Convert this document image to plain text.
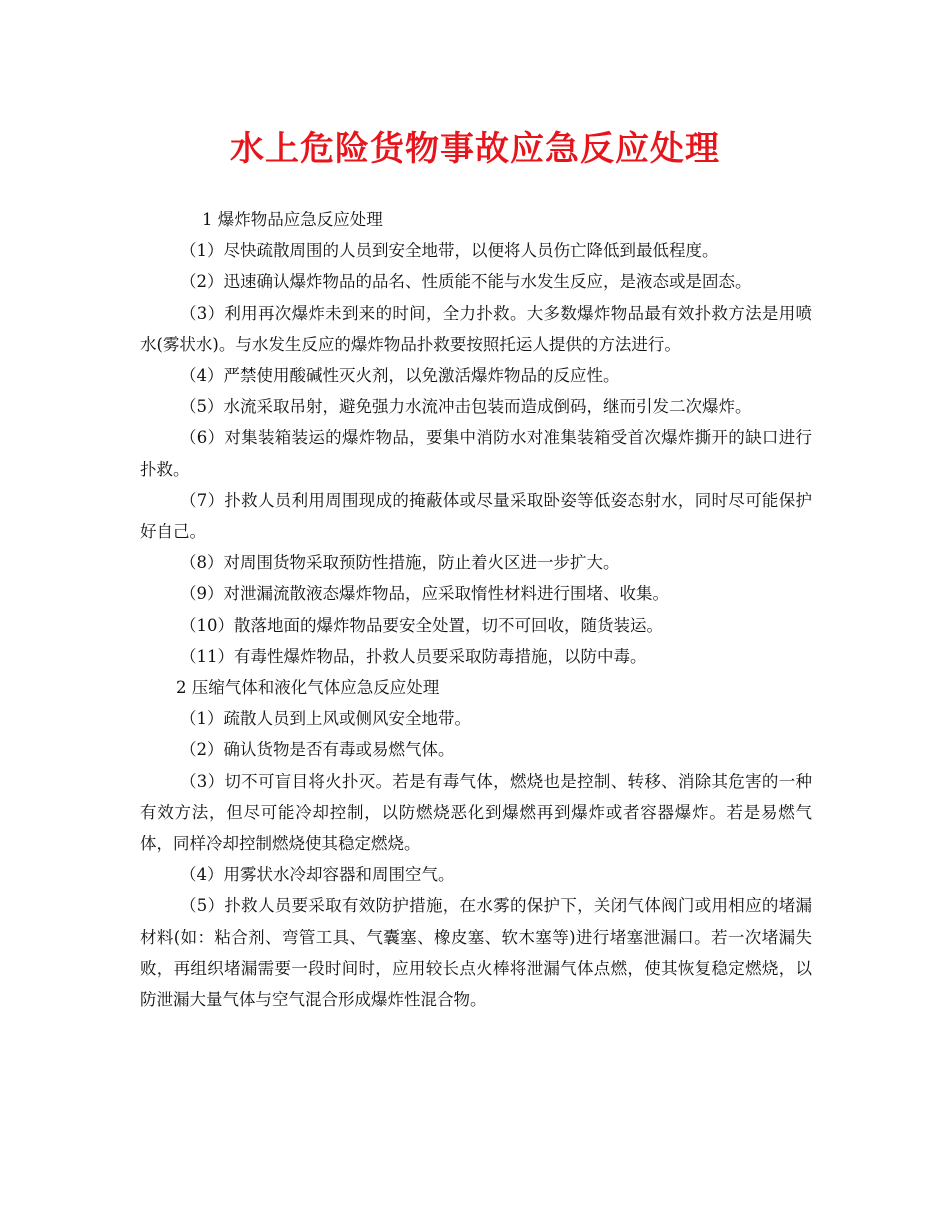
水上危险货物事故应急反应处理

1 爆炸物品应急反应处理

（1）尽快疏散周围的人员到安全地带，以便将人员伤亡降低到最低程度。

（2）迅速确认爆炸物品的品名、性质能不能与水发生反应，是液态或是固态。

（3）利用再次爆炸未到来的时间，全力扑救。大多数爆炸物品最有效扑救方法是用喷水(雾状水)。与水发生反应的爆炸物品扑救要按照托运人提供的方法进行。

（4）严禁使用酸碱性灭火剂，以免激活爆炸物品的反应性。

（5）水流采取吊射，避免强力水流冲击包装而造成倒码，继而引发二次爆炸。

（6）对集装箱装运的爆炸物品，要集中消防水对准集装箱受首次爆炸撕开的缺口进行扑救。

（7）扑救人员利用周围现成的掩蔽体或尽量采取卧姿等低姿态射水，同时尽可能保护好自己。

（8）对周围货物采取预防性措施，防止着火区进一步扩大。

（9）对泄漏流散液态爆炸物品，应采取惰性材料进行围堵、收集。

（10）散落地面的爆炸物品要安全处置，切不可回收，随货装运。

（11）有毒性爆炸物品，扑救人员要采取防毒措施，以防中毒。

2 压缩气体和液化气体应急反应处理

（1）疏散人员到上风或侧风安全地带。

（2）确认货物是否有毒或易燃气体。

（3）切不可盲目将火扑灭。若是有毒气体，燃烧也是控制、转移、消除其危害的一种有效方法，但尽可能冷却控制，以防燃烧恶化到爆燃再到爆炸或者容器爆炸。若是易燃气体，同样冷却控制燃烧使其稳定燃烧。

（4）用雾状水冷却容器和周围空气。

（5）扑救人员要采取有效防护措施，在水雾的保护下，关闭气体阀门或用相应的堵漏材料(如：粘合剂、弯管工具、气囊塞、橡皮塞、软木塞等)进行堵塞泄漏口。若一次堵漏失败，再组织堵漏需要一段时间时，应用较长点火棒将泄漏气体点燃，使其恢复稳定燃烧，以防泄漏大量气体与空气混合形成爆炸性混合物。
